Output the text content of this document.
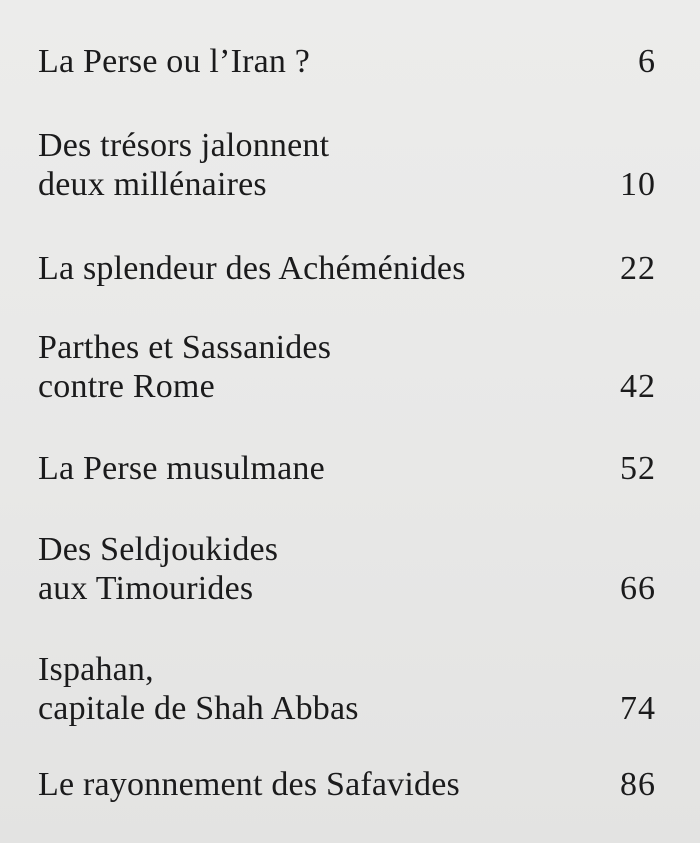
La Perse ou l’Iran ?	6
Des trésors jalonnent
deux millénaires	10
La splendeur des Achéménides	22
Parthes et Sassanides
contre Rome	42
La Perse musulmane	52
Des Seldjoukides
aux Timourides	66
Ispahan,
capitale de Shah Abbas	74
Le rayonnement des Safavides	86
